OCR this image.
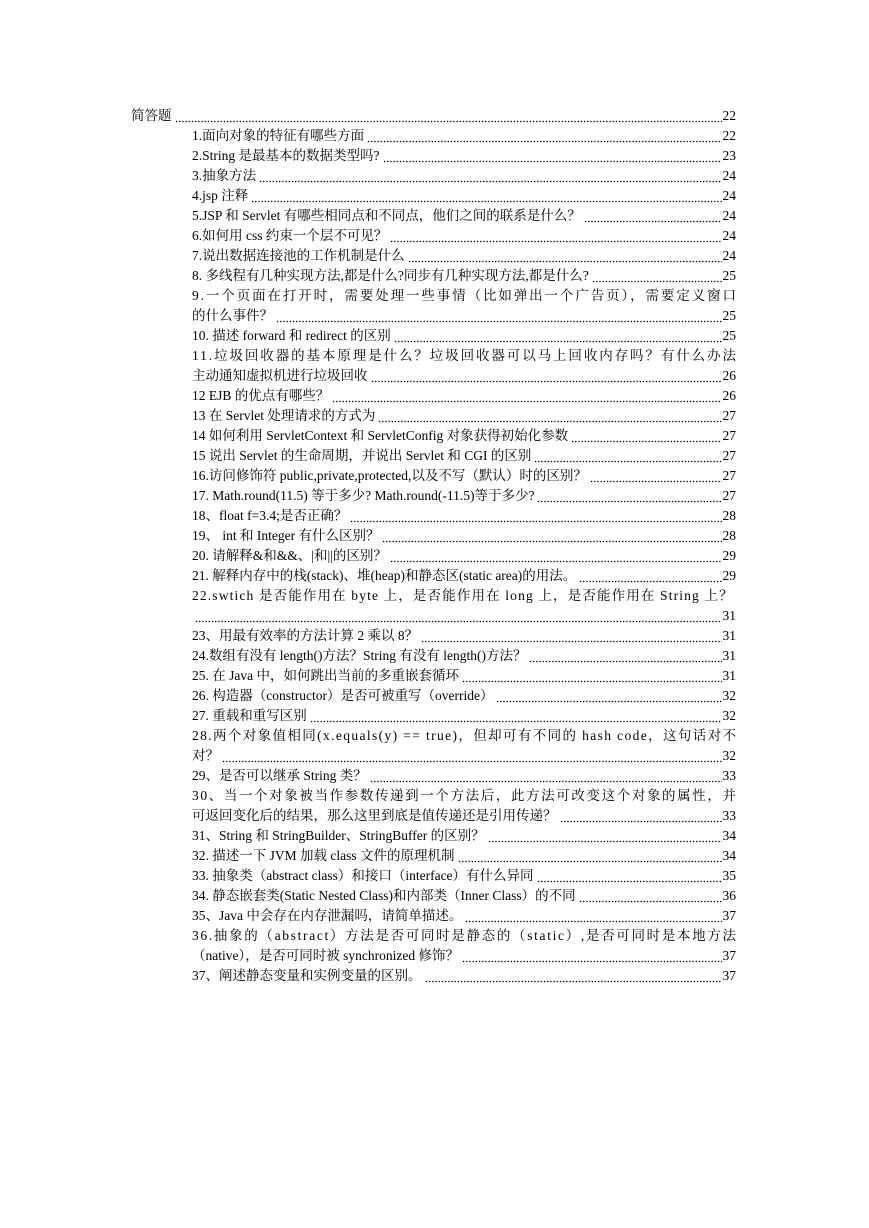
简答题	22
1.面向对象的特征有哪些方面	22
2.String 是最基本的数据类型吗?	23
3.抽象方法	24
4.jsp 注释	24
5.JSP 和 Servlet 有哪些相同点和不同点，他们之间的联系是什么？	24
6.如何用 css 约束一个层不可见？	24
7.说出数据连接池的工作机制是什么	24
8. 多线程有几种实现方法,都是什么?同步有几种实现方法,都是什么?	25
9.一个页面在打开时，需要处理一些事情（比如弹出一个广告页），需要定义窗口
的什么事件？	25
10. 描述 forward 和 redirect 的区别	25
11.垃圾回收器的基本原理是什么？垃圾回收器可以马上回收内存吗？有什么办法
主动通知虚拟机进行垃圾回收	26
12 EJB 的优点有哪些？	26
13 在 Servlet 处理请求的方式为	27
14 如何利用 ServletContext 和 ServletConfig 对象获得初始化参数	27
15 说出 Servlet 的生命周期，并说出 Servlet 和 CGI 的区别	27
16.访问修饰符 public,private,protected,以及不写（默认）时的区别？	27
17. Math.round(11.5) 等于多少? Math.round(-11.5)等于多少?	27
18、float f=3.4;是否正确？	28
19、 int 和 Integer 有什么区别？	28
20. 请解释&和&&、|和||的区别？	29
21. 解释内存中的栈(stack)、堆(heap)和静态区(static area)的用法。	29
22.swtich 是否能作用在 byte 上，是否能作用在 long 上，是否能作用在 String 上？
31
23、用最有效率的方法计算 2 乘以 8？	31
24.数组有没有 length()方法？String 有没有 length()方法？	31
25. 在 Java 中，如何跳出当前的多重嵌套循环	31
26. 构造器（constructor）是否可被重写（override）	32
27. 重载和重写区别	32
28.两个对象值相同(x.equals(y) == true)，但却可有不同的 hash code，这句话对不
对？	32
29、是否可以继承 String 类？	33
30、当一个对象被当作参数传递到一个方法后，此方法可改变这个对象的属性，并
可返回变化后的结果，那么这里到底是值传递还是引用传递？	33
31、String 和 StringBuilder、StringBuffer 的区别？	34
32. 描述一下 JVM 加载 class 文件的原理机制	34
33. 抽象类（abstract class）和接口（interface）有什么异同	35
34. 静态嵌套类(Static Nested Class)和内部类（Inner Class）的不同	36
35、Java 中会存在内存泄漏吗，请简单描述。	37
36.抽象的（abstract）方法是否可同时是静态的（static）,是否可同时是本地方法
（native），是否可同时被 synchronized 修饰？	37
37、阐述静态变量和实例变量的区别。	37
